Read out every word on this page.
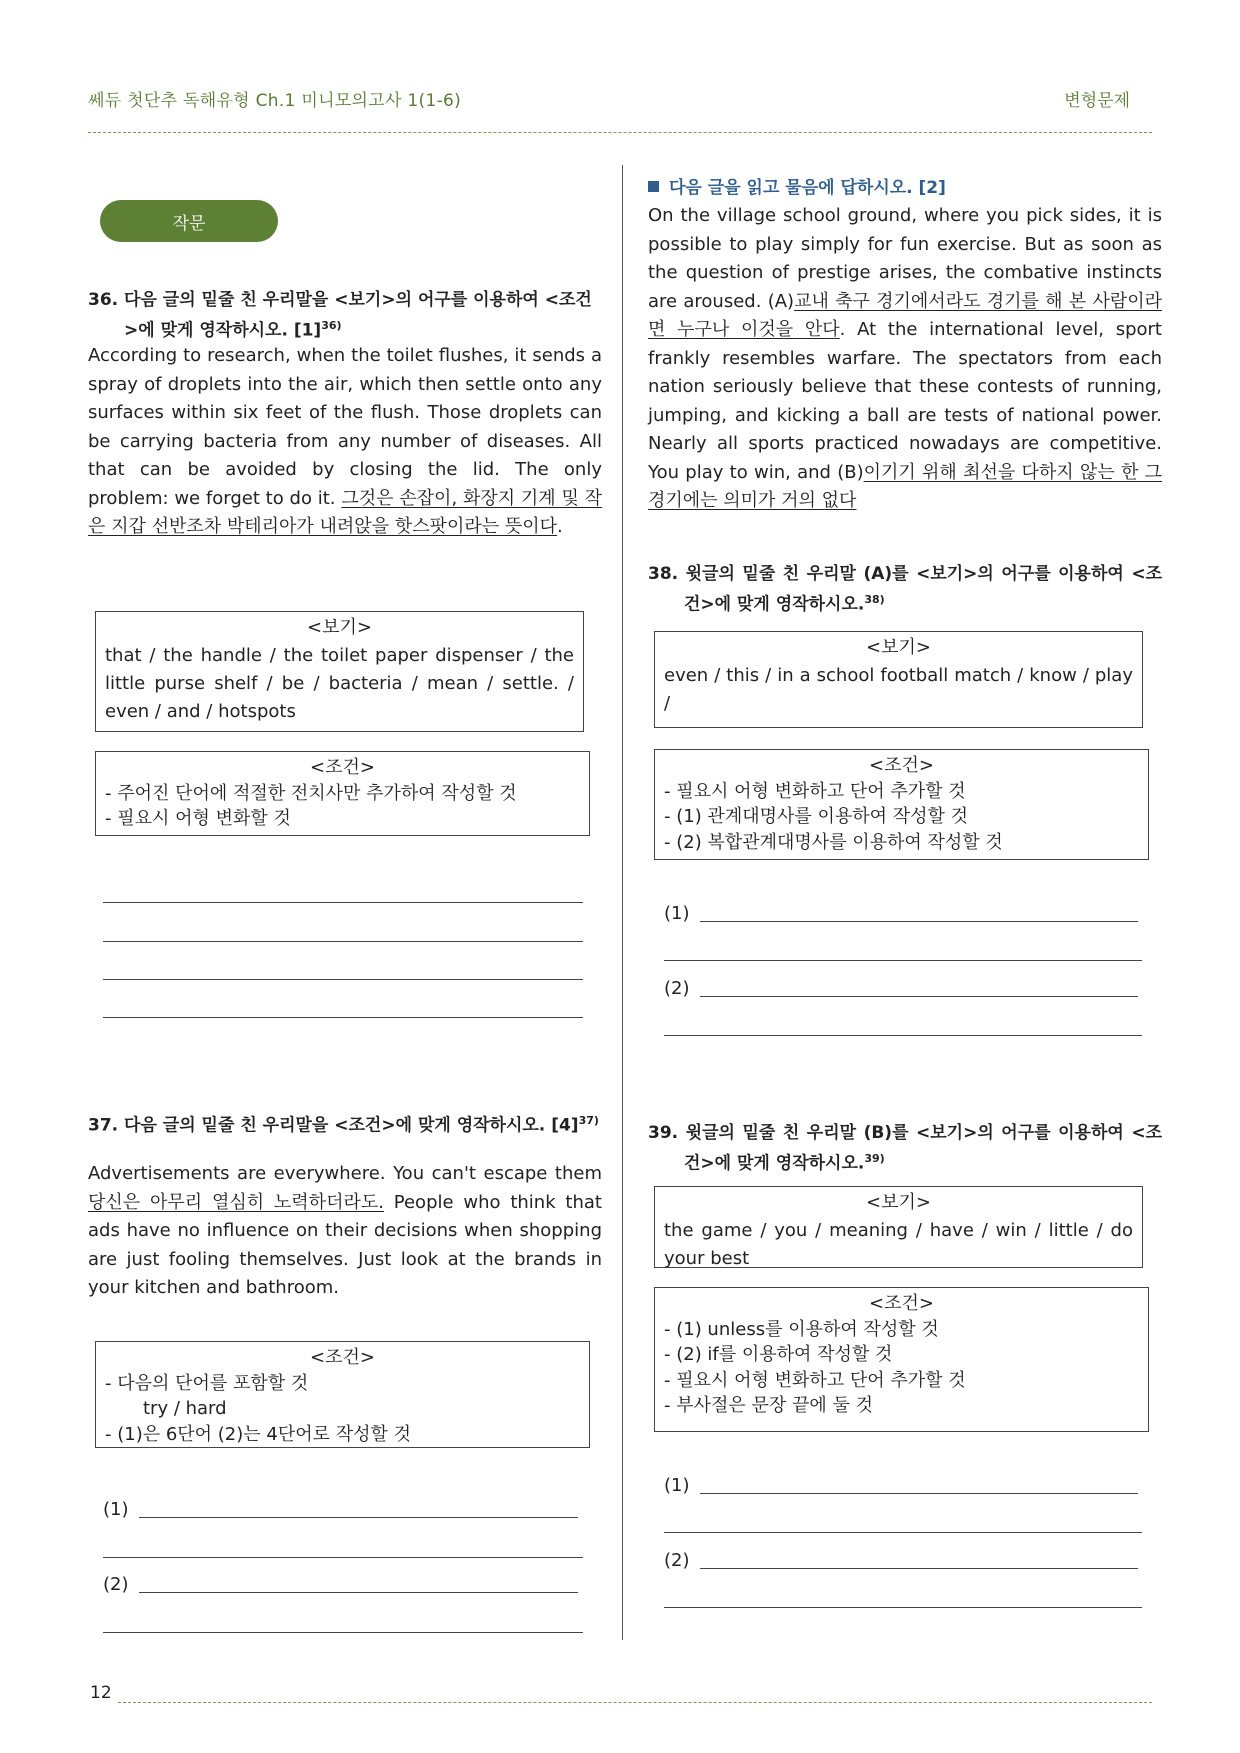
쎄듀 첫단추 독해유형 Ch.1 미니모의고사 1(1-6)	변형문제
작문
36. 다음 글의 밑줄 친 우리말을 <보기>의 어구를 이용하여 <조건>에 맞게 영작하시오. $[1]^{36)}$
According to research, when the toilet flushes, it sends a spray of droplets into the air, which then settle onto any surfaces within six feet of the flush. Those droplets can be carrying bacteria from any number of diseases. All that can be avoided by closing the lid. The only problem: we forget to do it. 그것은 손잡이, 화장지 기계 및 작은 지갑 선반조차 박테리아가 내려앉을 핫스팟이라는 뜻이다.
<보기>
that / the handle / the toilet paper dispenser / the little purse shelf / be / bacteria / mean / settle. / even / and / hotspots
<조건>
- 주어진 단어에 적절한 전치사만 추가하여 작성할 것
- 필요시 어형 변화할 것
37. 다음 글의 밑줄 친 우리말을 <조건>에 맞게 영작하시오. $[4]^{37)}$
Advertisements are everywhere. You can't escape them 당신은 아무리 열심히 노력하더라도. People who think that ads have no influence on their decisions when shopping are just fooling themselves. Just look at the brands in your kitchen and bathroom.
<조건>
- 다음의 단어를 포함할 것
try / hard
- (1)은 6단어 (2)는 4단어로 작성할 것
(1)
(2)
다음 글을 읽고 물음에 답하시오. [2]
On the village school ground, where you pick sides, it is possible to play simply for fun exercise. But as soon as the question of prestige arises, the combative instincts are aroused. (A)교내 축구 경기에서라도 경기를 해 본 사람이라면 누구나 이것을 안다. At the international level, sport frankly resembles warfare. The spectators from each nation seriously believe that these contests of running, jumping, and kicking a ball are tests of national power. Nearly all sports practiced nowadays are competitive. You play to win, and (B)이기기 위해 최선을 다하지 않는 한 그 경기에는 의미가 거의 없다
38. 윗글의 밑줄 친 우리말 (A)를 <보기>의 어구를 이용하여 <조건>에 맞게 영작하시오.$^{38)}$
<보기>
even / this / in a school football match / know / play /
<조건>
- 필요시 어형 변화하고 단어 추가할 것
- (1) 관계대명사를 이용하여 작성할 것
- (2) 복합관계대명사를 이용하여 작성할 것
(1)
(2)
39. 윗글의 밑줄 친 우리말 (B)를 <보기>의 어구를 이용하여 <조건>에 맞게 영작하시오.$^{39)}$
<보기>
the game / you / meaning / have / win / little / do your best
<조건>
- (1) unless를 이용하여 작성할 것
- (2) if를 이용하여 작성할 것
- 필요시 어형 변화하고 단어 추가할 것
- 부사절은 문장 끝에 둘 것
(1)
(2)
12
